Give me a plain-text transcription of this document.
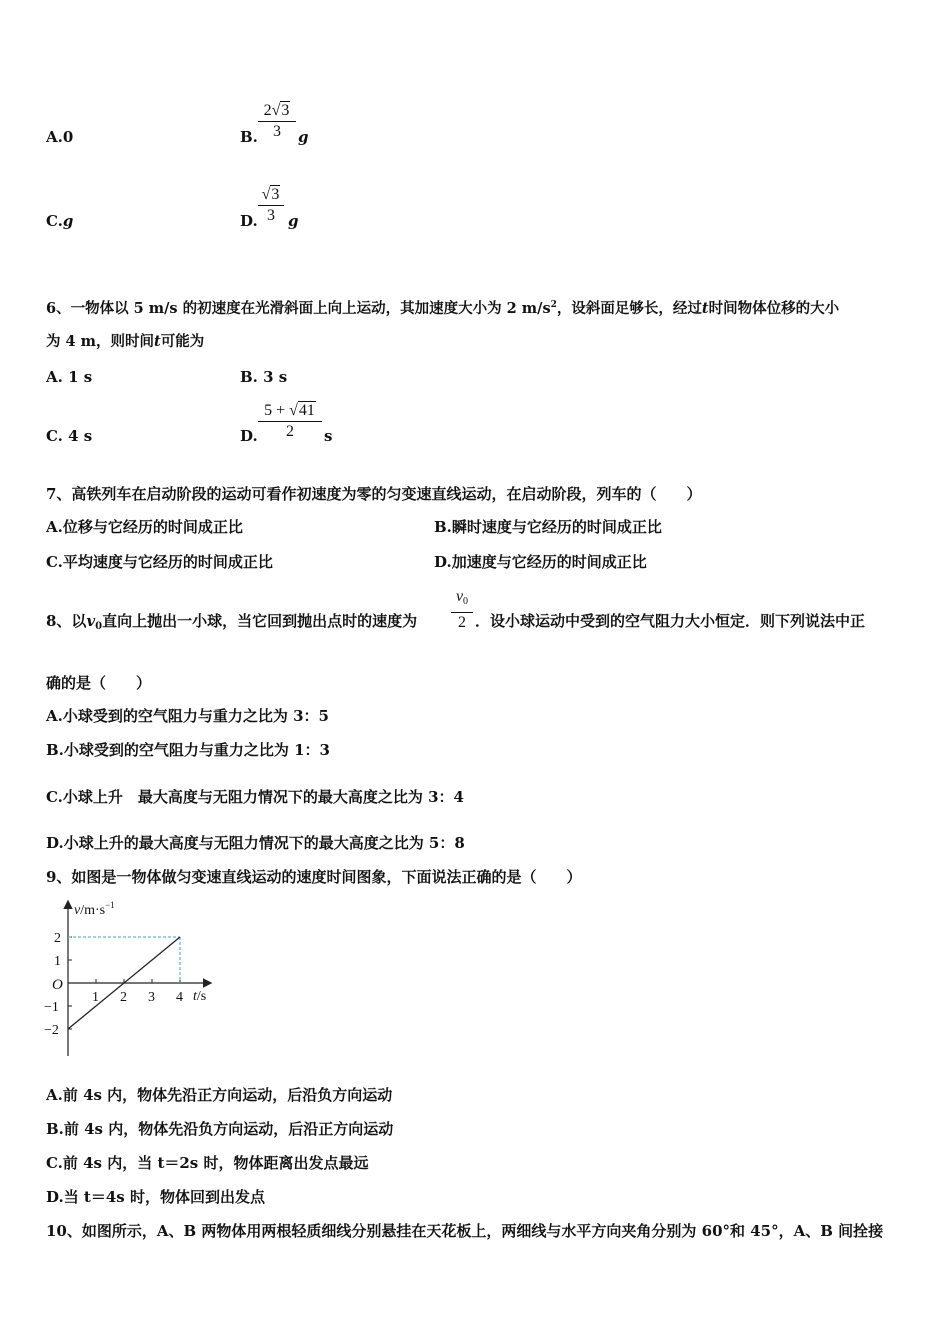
A.0	B.
2√3
3	g
C.g	D.
√3
3 g
6、一物体以 5 m/s 的初速度在光滑斜面上向上运动，其加速度大小为 2 $m/s^2$，设斜面足够长，经过t时间物体位移的大小
为 4 m，则时间t可能为
A. 1 s	B. 3 s
C. 4 s	D.
5 + √41
2	s
7、高铁列车在启动阶段的运动可看作初速度为零的匀变速直线运动，在启动阶段，列车的（　　）
A.位移与它经历的时间成正比	B.瞬时速度与它经历的时间成正比
C.平均速度与它经历的时间成正比	D.加速度与它经历的时间成正比
8、以$v_0$直向上抛出一小球，当它回到抛出点时的速度为
$v_0$
2 ．设小球运动中受到的空气阻力大小恒定．则下列说法中正
确的是（　　）
A.小球受到的空气阻力与重力之比为 3：5
B.小球受到的空气阻力与重力之比为 1：3
C.小球上升　最大高度与无阻力情况下的最大高度之比为 3：4
D.小球上升的最大高度与无阻力情况下的最大高度之比为 5：8
9、如图是一物体做匀变速直线运动的速度时间图象，下面说法正确的是（　　）
$v/m\cdot s^{-1}$
t/s
O
1 2 3 4
2
1
−1
−2
A.前 4s 内，物体先沿正方向运动，后沿负方向运动
B.前 4s 内，物体先沿负方向运动，后沿正方向运动
C.前 4s 内，当 t＝2s 时，物体距离出发点最远
D.当 t＝4s 时，物体回到出发点
10、如图所示，A、B 两物体用两根轻质细线分别悬挂在天花板上，两细线与水平方向夹角分别为 60°和 45°，A、B 间拴接
